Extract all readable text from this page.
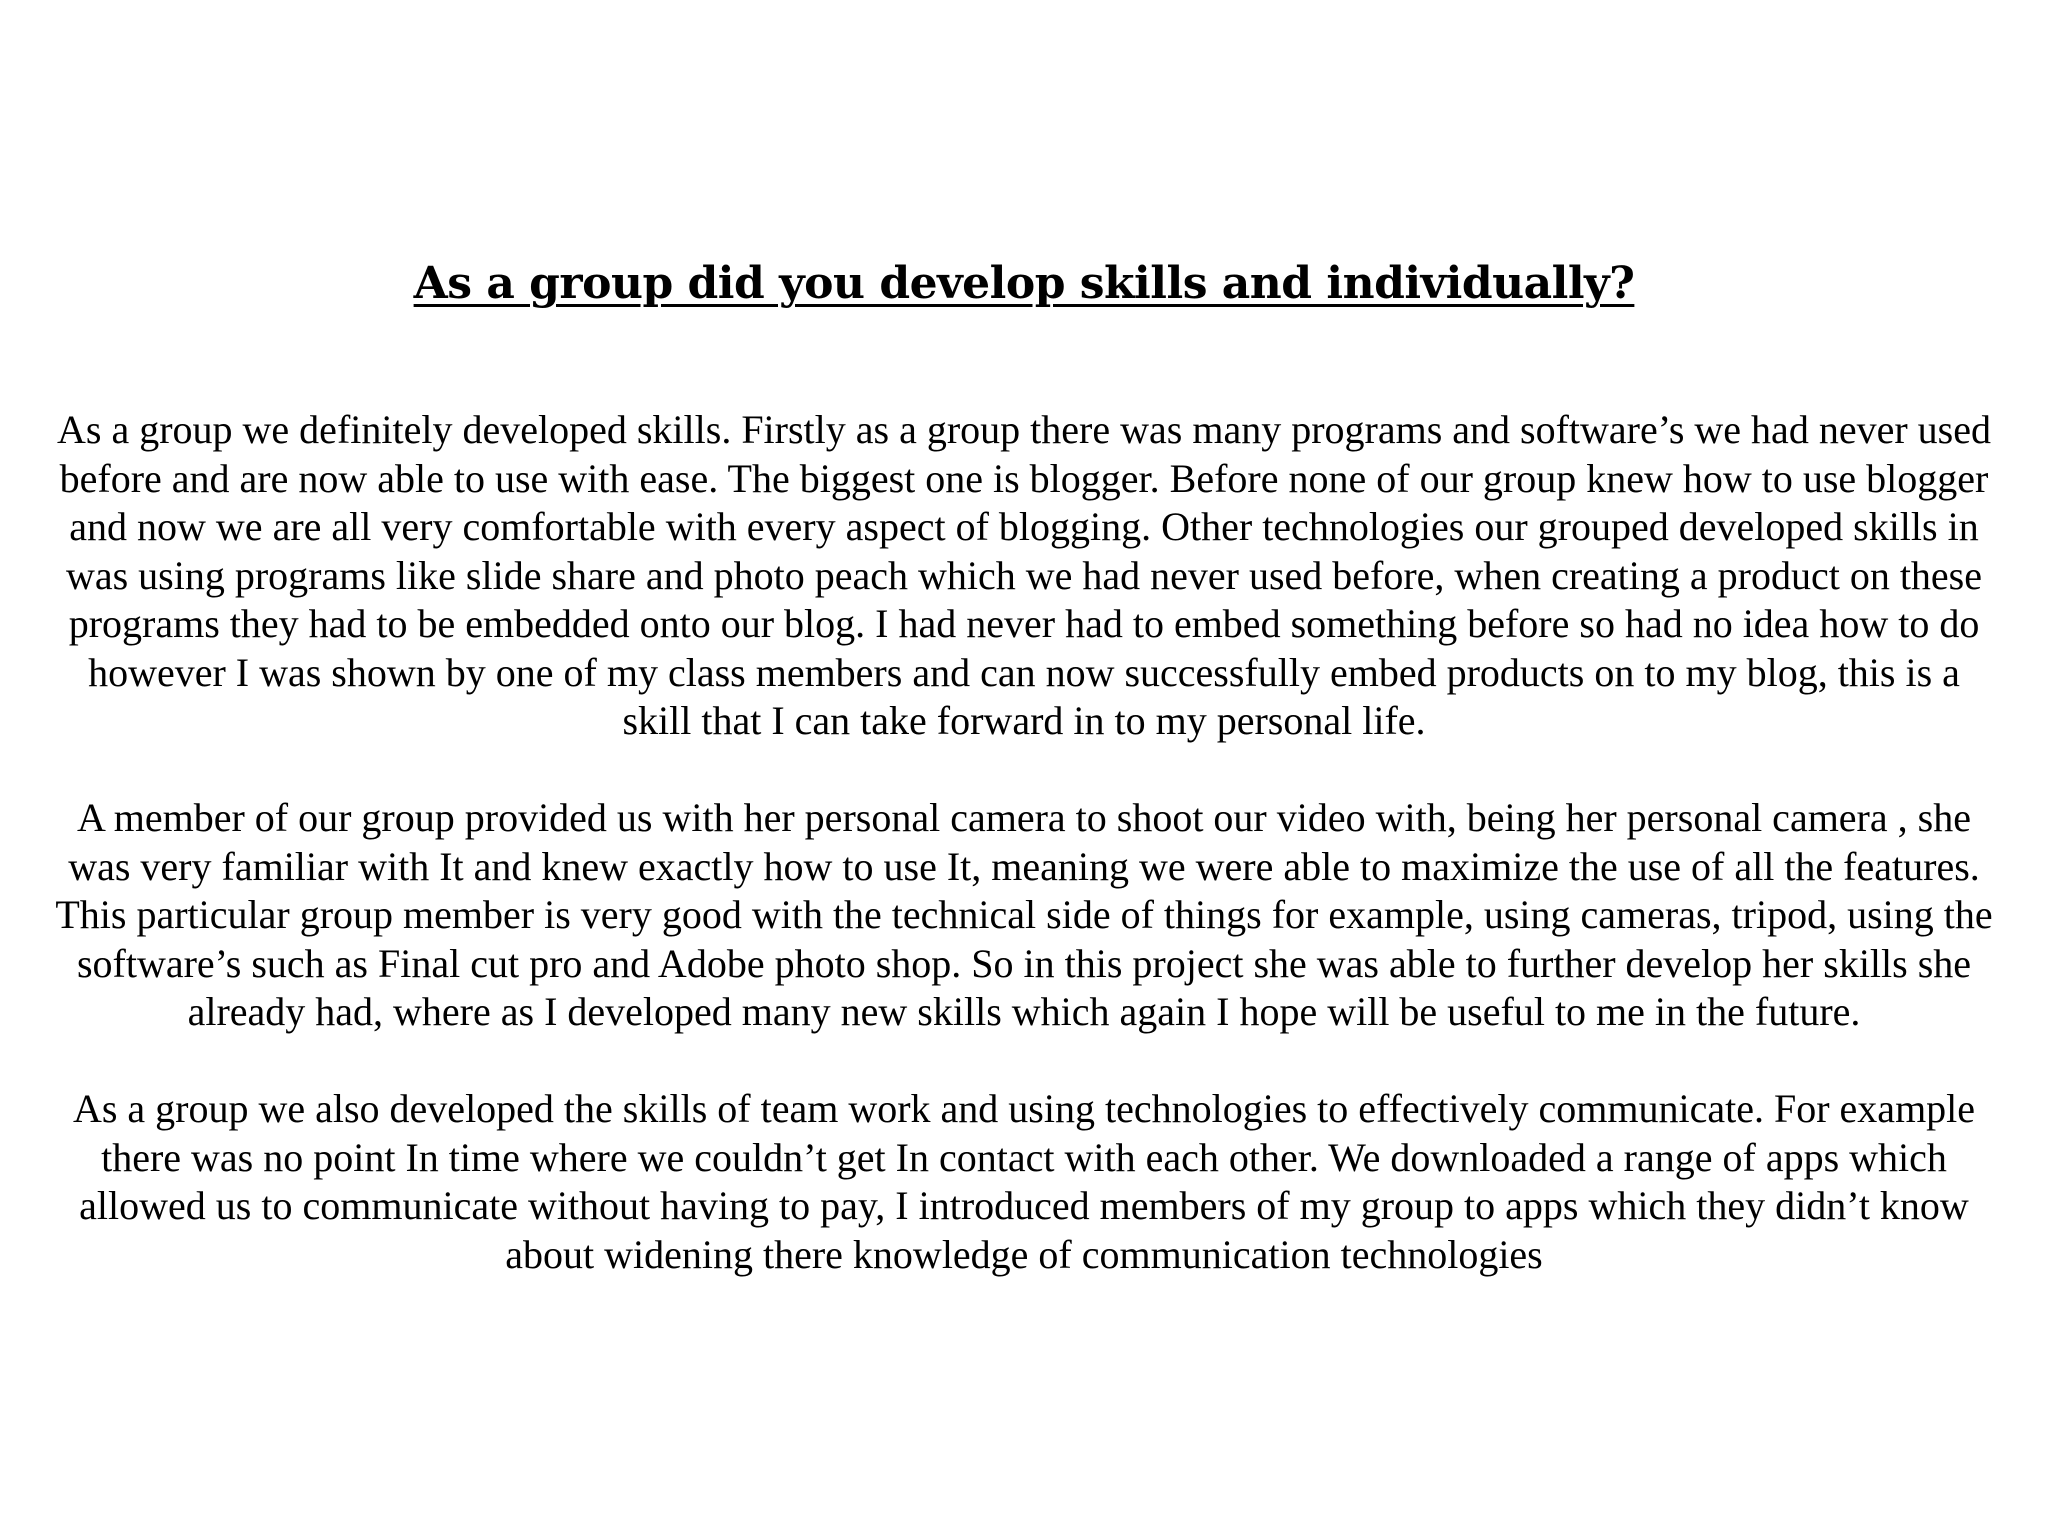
As a group did you develop skills and individually?

As a group we definitely developed skills. Firstly as a group there was many programs and software’s we had never used before and are now able to use with ease. The biggest one is blogger. Before none of our group knew how to use blogger and now we are all very comfortable with every aspect of blogging. Other technologies our grouped developed skills in was using programs like slide share and photo peach which we had never used before, when creating a product on these programs they had to be embedded onto our blog. I had never had to embed something before so had no idea how to do however I was shown by one of my class members and can now successfully embed products on to my blog, this is a skill that I can take forward in to my personal life.

A member of our group provided us with her personal camera to shoot our video with, being her personal camera , she was very familiar with It and knew exactly how to use It, meaning we were able to maximize the use of all the features. This particular group member is very good with the technical side of things for example, using cameras, tripod, using the software’s such as Final cut pro and Adobe photo shop. So in this project she was able to further develop her skills she already had, where as I developed many new skills which again I hope will be useful to me in the future.

As a group we also developed the skills of team work and using technologies to effectively communicate. For example there was no point In time where we couldn’t get In contact with each other. We downloaded a range of apps which allowed us to communicate without having to pay, I introduced members of my group to apps which they didn’t know about widening there knowledge of communication technologies
